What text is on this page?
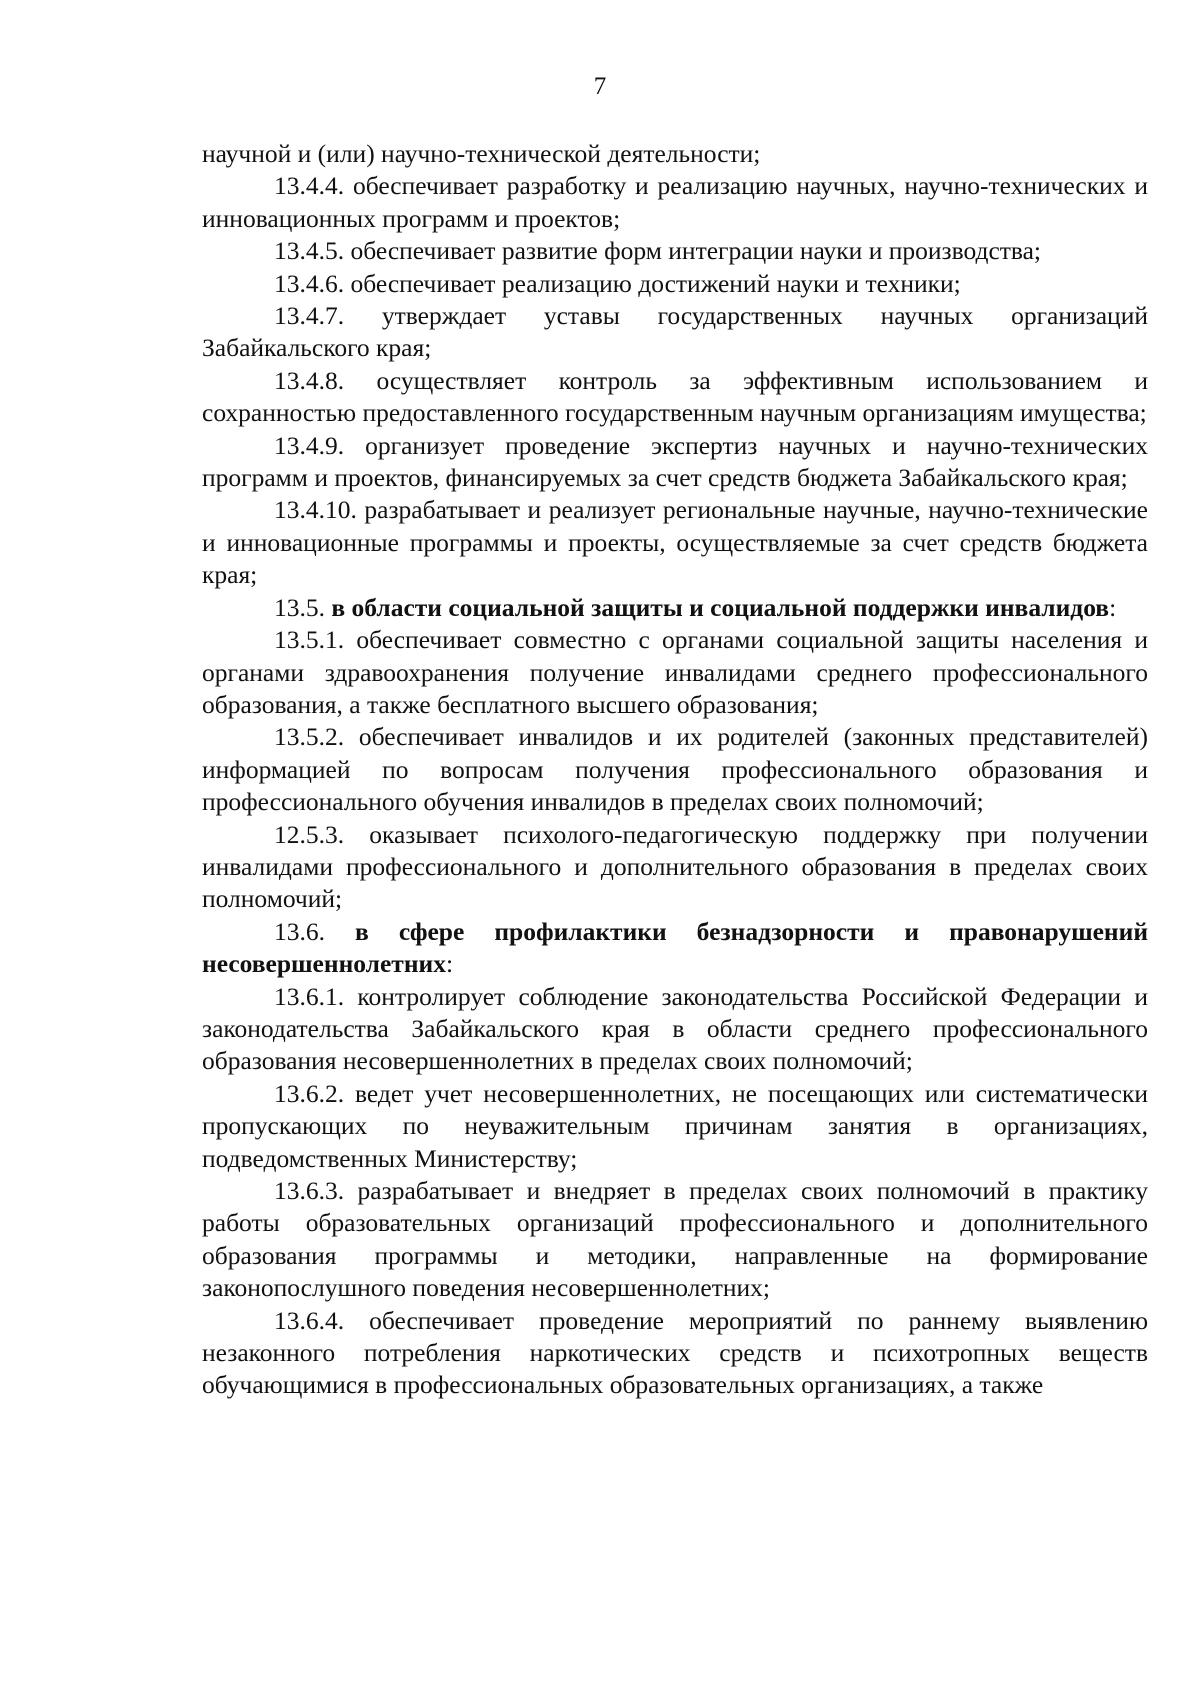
7

научной и (или) научно-технической деятельности;

13.4.4. обеспечивает разработку и реализацию научных, научно-технических и инновационных программ и проектов;

13.4.5. обеспечивает развитие форм интеграции науки и производства;

13.4.6. обеспечивает реализацию достижений науки и техники;

13.4.7. утверждает уставы государственных научных организаций Забайкальского края;

13.4.8. осуществляет контроль за эффективным использованием и сохранностью предоставленного государственным научным организациям имущества;

13.4.9. организует проведение экспертиз научных и научно-технических программ и проектов, финансируемых за счет средств бюджета Забайкальского края;

13.4.10. разрабатывает и реализует региональные научные, научно-технические и инновационные программы и проекты, осуществляемые за счет средств бюджета края;

13.5. в области социальной защиты и социальной поддержки инвалидов:

13.5.1. обеспечивает совместно с органами социальной защиты населения и органами здравоохранения получение инвалидами среднего профессионального образования, а также бесплатного высшего образования;

13.5.2. обеспечивает инвалидов и их родителей (законных представителей) информацией по вопросам получения профессионального образования и профессионального обучения инвалидов в пределах своих полномочий;

12.5.3. оказывает психолого-педагогическую поддержку при получении инвалидами профессионального и дополнительного образования в пределах своих полномочий;

13.6. в сфере профилактики безнадзорности и правонарушений несовершеннолетних:

13.6.1. контролирует соблюдение законодательства Российской Федерации и законодательства Забайкальского края в области среднего профессионального образования несовершеннолетних в пределах своих полномочий;

13.6.2. ведет учет несовершеннолетних, не посещающих или систематически пропускающих по неуважительным причинам занятия в организациях, подведомственных Министерству;

13.6.3. разрабатывает и внедряет в пределах своих полномочий в практику работы образовательных организаций профессионального и дополнительного образования программы и методики, направленные на формирование законопослушного поведения несовершеннолетних;

13.6.4. обеспечивает проведение мероприятий по раннему выявлению незаконного потребления наркотических средств и психотропных веществ обучающимися в профессиональных образовательных организациях, а также
